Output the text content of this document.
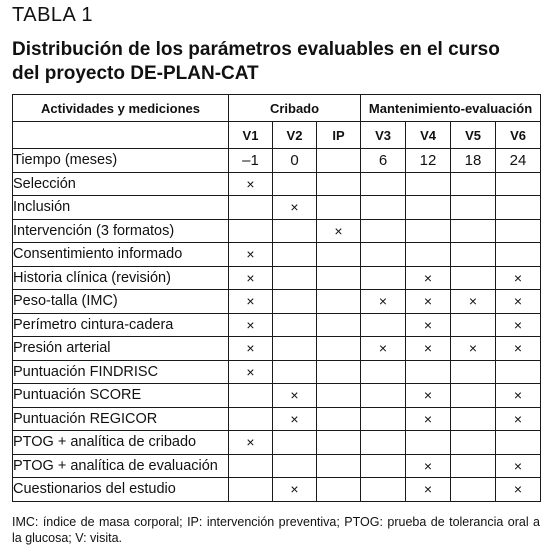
TABLA 1
Distribución de los parámetros evaluables en el curso del proyecto DE-PLAN-CAT
Actividades y mediciones	Cribado			Mantenimiento-evaluación			
	V1	V2	IP	V3	V4	V5	V6
Tiempo (meses)	–1	0		6	12	18	24
Selección	×						
Inclusión		×					
Intervención (3 formatos)			×				
Consentimiento informado	×						
Historia clínica (revisión)	×				×		×
Peso-talla (IMC)	×			×	×	×	×
Perímetro cintura-cadera	×				×		×
Presión arterial	×			×	×	×	×
Puntuación FINDRISC	×						
Puntuación SCORE		×			×		×
Puntuación REGICOR		×			×		×
PTOG + analítica de cribado	×						
PTOG + analítica de evaluación					×		×
Cuestionarios del estudio		×			×		×
IMC: índice de masa corporal; IP: intervención preventiva; PTOG: prueba de tolerancia oral a la glucosa; V: visita.
